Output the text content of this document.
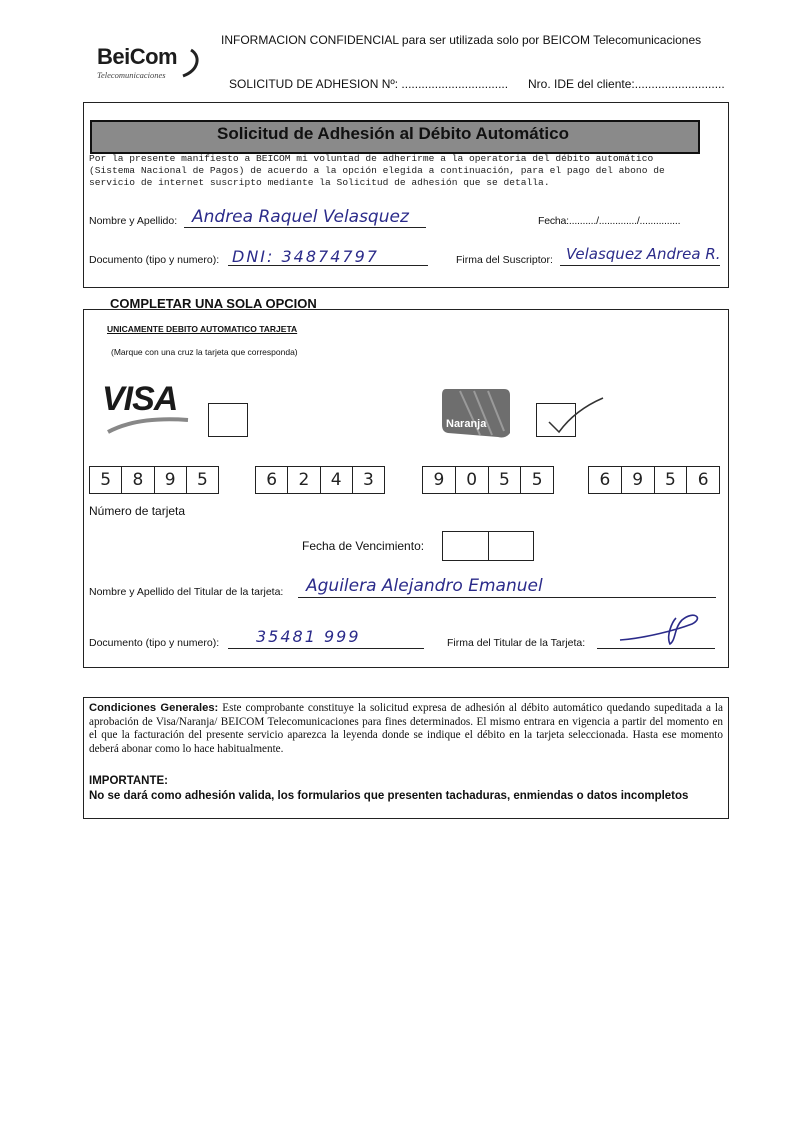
BeiCom
Telecomunicaciones
INFORMACION CONFIDENCIAL para ser utilizada solo por BEICOM Telecomunicaciones
SOLICITUD DE ADHESION Nº: ................................ Nro. IDE del cliente:...........................
Solicitud de Adhesión al Débito Automático
Por la presente manifiesto a BEICOM mi voluntad de adherirme a la operatoria del débito automático
(Sistema Nacional de Pagos) de acuerdo a la opción elegida a continuación, para el pago del abono de
servicio de internet suscripto mediante la Solicitud de adhesión que se detalla.
Nombre y Apellido: Andrea Raquel Velasquez	Fecha:........../............../...............
Documento (tipo y numero): DNI: 34874797	Firma del Suscriptor: Velasquez Andrea R.
COMPLETAR UNA SOLA OPCION
UNICAMENTE DEBITO AUTOMATICO TARJETA
(Marque con una cruz la tarjeta que corresponda)
VISA
Naranja
5	8	9	5	6	2	4	3	9	0	5	5	6	9	5	6
Número de tarjeta
Fecha de Vencimiento:
Nombre y Apellido del Titular de la tarjeta: Aguilera Alejandro Emanuel
Documento (tipo y numero): 35481 999	Firma del Titular de la Tarjeta:
Condiciones Generales: Este comprobante constituye la solicitud expresa de adhesión al débito automático quedando supeditada a la aprobación de Visa/Naranja/ BEICOM Telecomunicaciones para fines determinados. El mismo entrara en vigencia a partir del momento en el que la facturación del presente servicio aparezca la leyenda donde se indique el débito en la tarjeta seleccionada. Hasta ese momento deberá abonar como lo hace habitualmente.
IMPORTANTE:
No se dará como adhesión valida, los formularios que presenten tachaduras, enmiendas o datos incompletos
